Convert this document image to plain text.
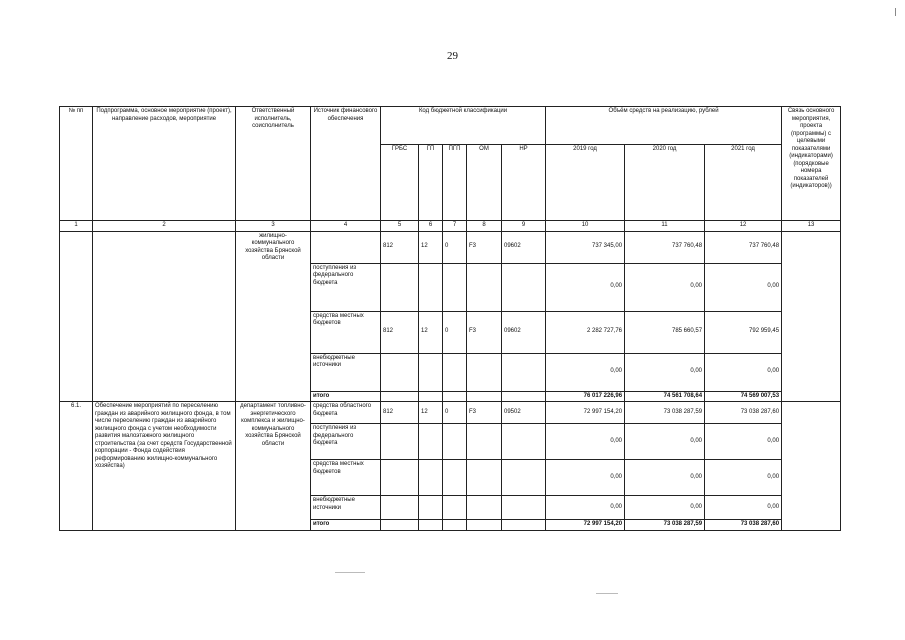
29
№ пп	Подпрограмма, основное мероприятие (проект), направление расходов, мероприятие	Ответственный исполнитель, соисполнитель	Источник финансового обеспечения	Код бюджетной классификации					Объём средств на реализацию, рублей			Связь основного мероприятия, проекта (программы) с целевыми показателями (индикаторами) (порядковые номера показателей (индикаторов))
				ГРБС	ГП	ПГП	ОМ	НР	2019 год	2020 год	2021 год	
1	2	3	4	5	6	7	8	9	10	11	12	13
		жилищно-коммунального хозяйства Брянской области		812	12	0	F3	09602	737 345,00	737 760,48	737 760,48	
			поступления из федерального бюджета						0,00	0,00	0,00	
			средства местных бюджетов	812	12	0	F3	09602	2 282 727,76	785 660,57	792 959,45	
			внебюджетные источники						0,00	0,00	0,00	
			итого						76 017 226,96	74 561 708,64	74 569 007,53	
6.1.	Обеспечение мероприятий по переселению граждан из аварийного жилищного фонда, в том числе переселению граждан из аварийного жилищного фонда с учетом необходимости развития малоэтажного жилищного строительства (за счет средств Государственной корпорации - Фонда содействия реформированию жилищно-коммунального хозяйства)	департамент топливно-энергетического комплекса и жилищно-коммунального хозяйства Брянской области	средства областного бюджета	812	12	0	F3	09502	72 997 154,20	73 038 287,59	73 038 287,60	
			поступления из федерального бюджета						0,00	0,00	0,00	
			средства местных бюджетов						0,00	0,00	0,00	
			внебюджетные источники						0,00	0,00	0,00	
			итого						72 997 154,20	73 038 287,59	73 038 287,60	
